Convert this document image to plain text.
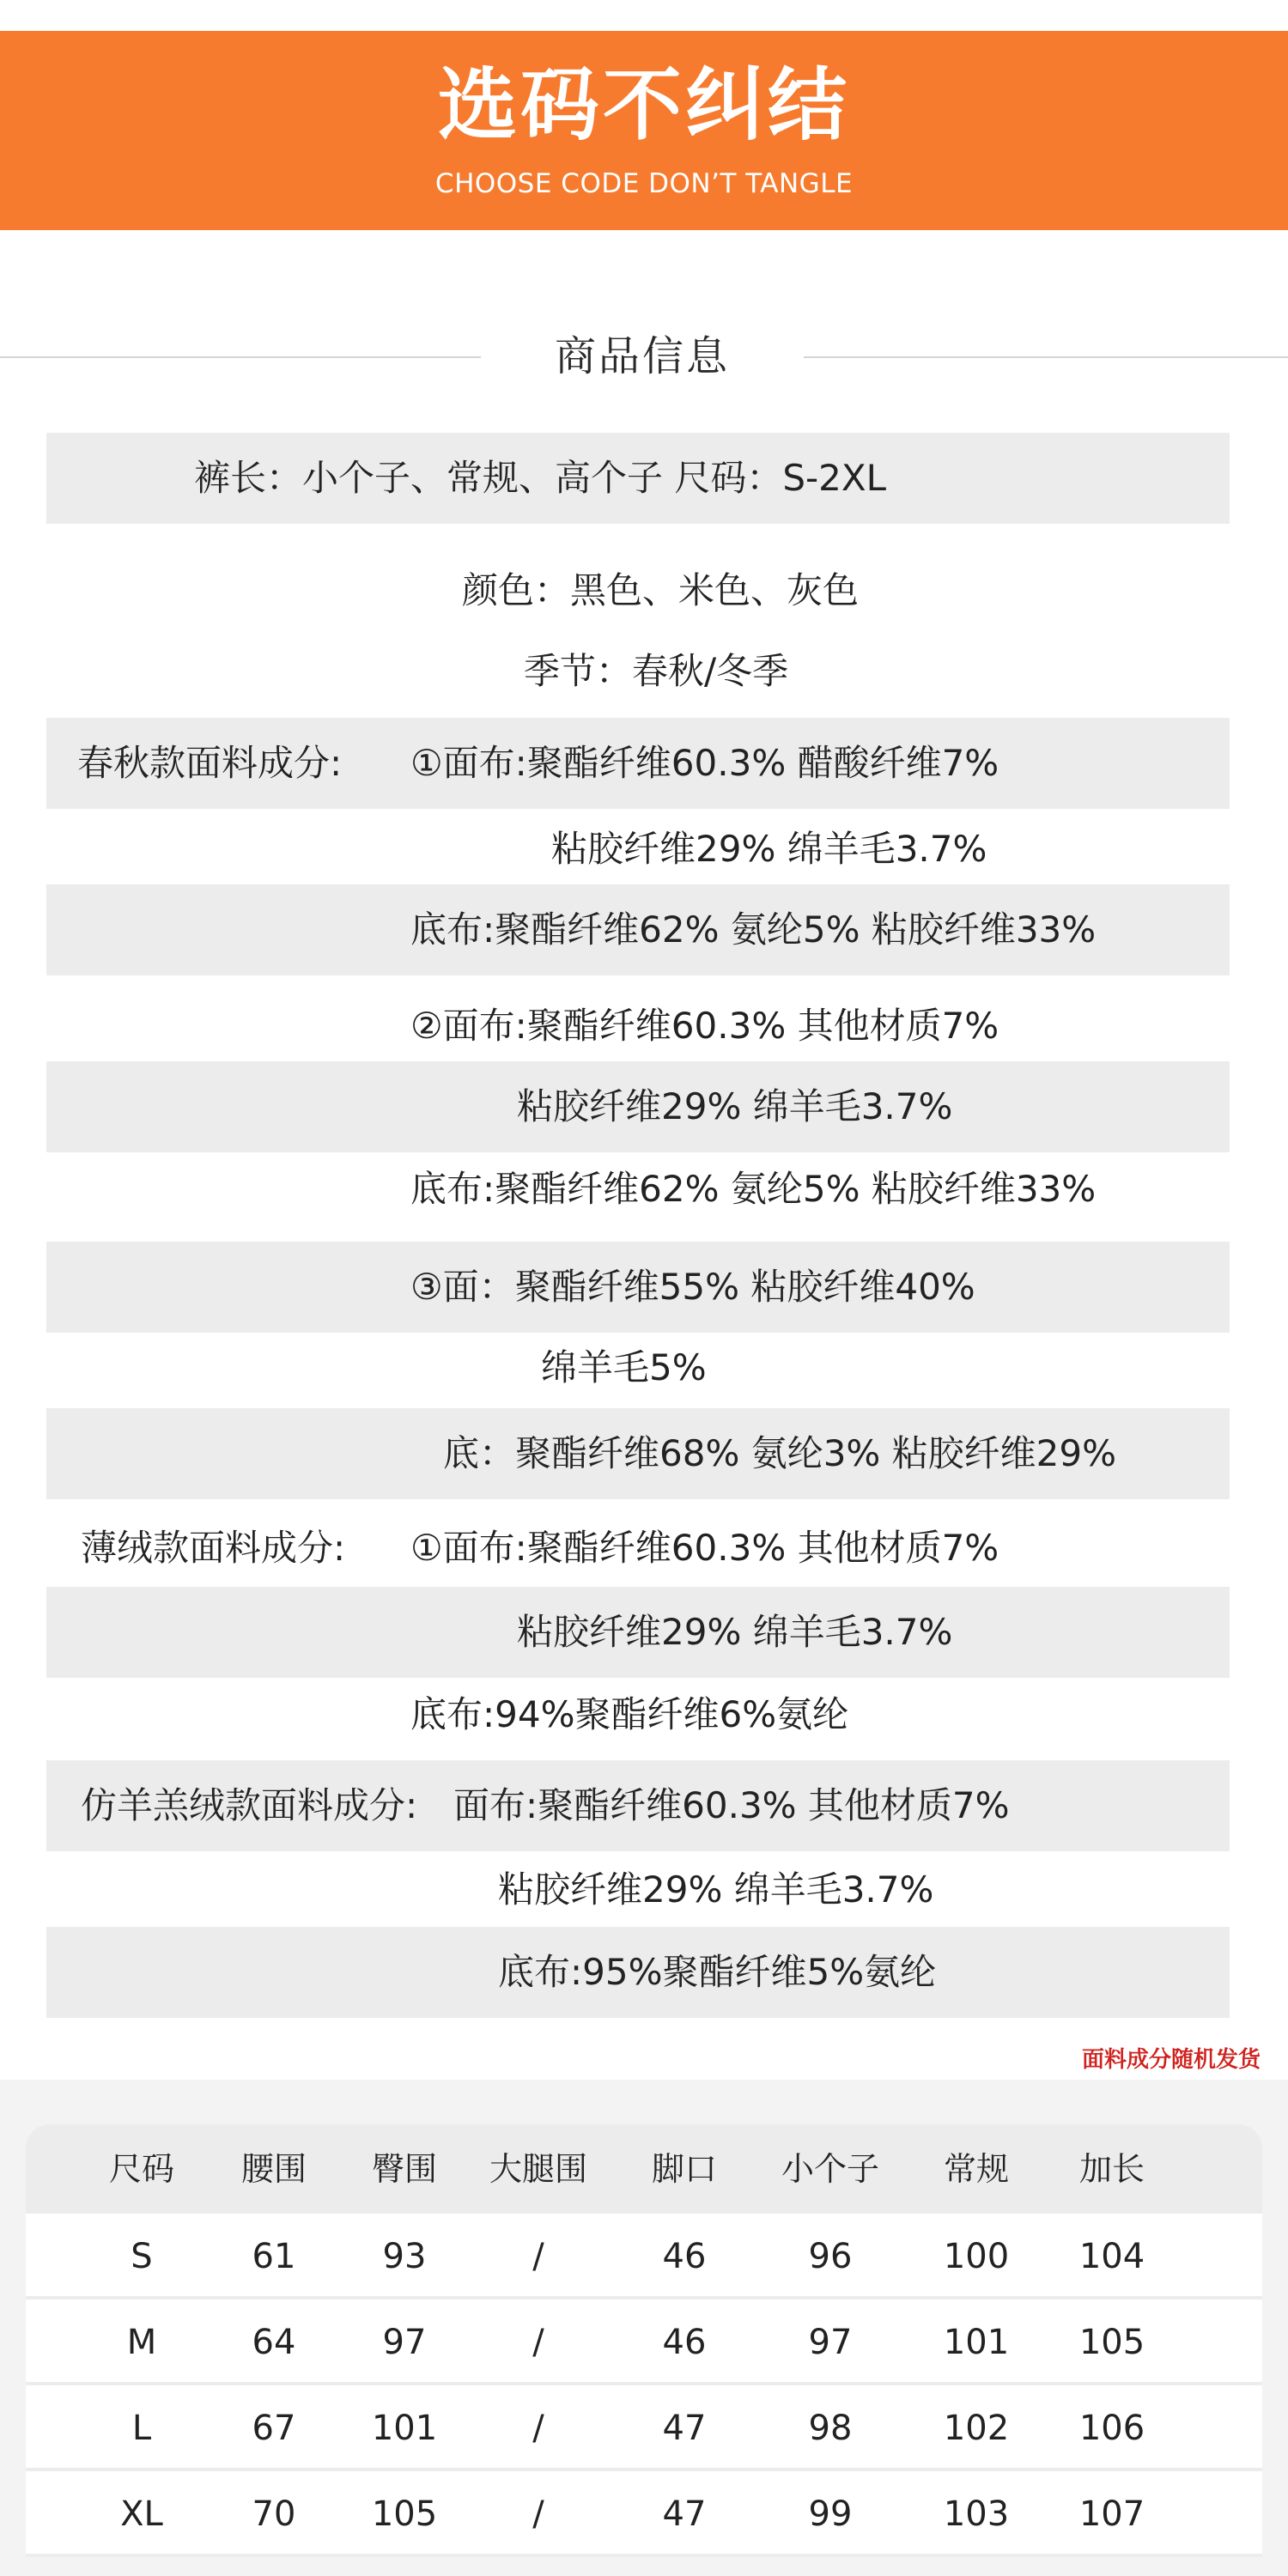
选码不纠结
CHOOSE CODE DON’T TANGLE
商品信息
裤长：小个子、常规、高个子 尺码：S-2XL
颜色：黑色、米色、灰色
季节：春秋/冬季
春秋款面料成分: ①面布:聚酯纤维60.3% 醋酸纤维7%
粘胶纤维29% 绵羊毛3.7%
底布:聚酯纤维62% 氨纶5% 粘胶纤维33%
②面布:聚酯纤维60.3% 其他材质7%
粘胶纤维29% 绵羊毛3.7%
底布:聚酯纤维62% 氨纶5% 粘胶纤维33%
③面：聚酯纤维55% 粘胶纤维40%
绵羊毛5%
底：聚酯纤维68% 氨纶3% 粘胶纤维29%
薄绒款面料成分: ①面布:聚酯纤维60.3% 其他材质7%
粘胶纤维29% 绵羊毛3.7%
底布:94%聚酯纤维6%氨纶
仿羊羔绒款面料成分: 面布:聚酯纤维60.3% 其他材质7%
粘胶纤维29% 绵羊毛3.7%
底布:95%聚酯纤维5%氨纶
面料成分随机发货
尺码	腰围	臀围	大腿围	脚口	小个子	常规	加长
S	61	93	/	46	96	100	104
M	64	97	/	46	97	101	105
L	67	101	/	47	98	102	106
XL	70	105	/	47	99	103	107
